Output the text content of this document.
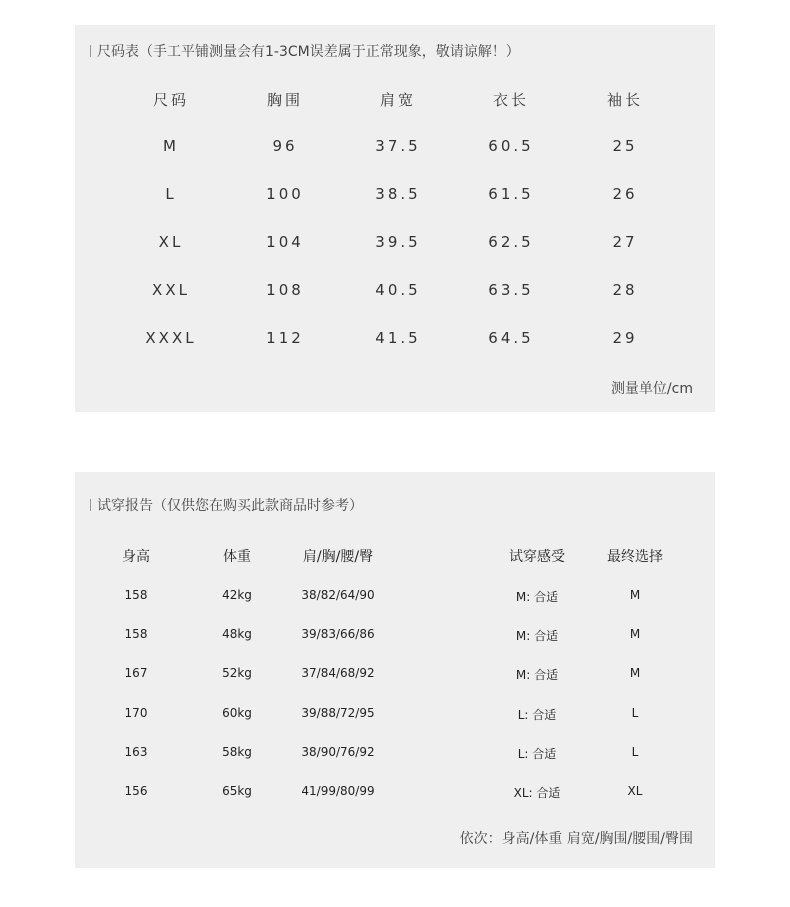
尺码表（手工平铺测量会有1-3CM误差属于正常现象，敬请谅解！）
尺码	胸围	肩宽	衣长	袖长
M	96	37.5	60.5	25
L	100	38.5	61.5	26
XL	104	39.5	62.5	27
XXL	108	40.5	63.5	28
XXXL	112	41.5	64.5	29
测量单位/cm
试穿报告（仅供您在购买此款商品时参考）
身高	体重	肩/胸/腰/臀	试穿感受	最终选择
158	42kg	38/82/64/90	M: 合适	M
158	48kg	39/83/66/86	M: 合适	M
167	52kg	37/84/68/92	M: 合适	M
170	60kg	39/88/72/95	L: 合适	L
163	58kg	38/90/76/92	L: 合适	L
156	65kg	41/99/80/99	XL: 合适	XL
依次：身高/体重 肩宽/胸围/腰围/臀围
